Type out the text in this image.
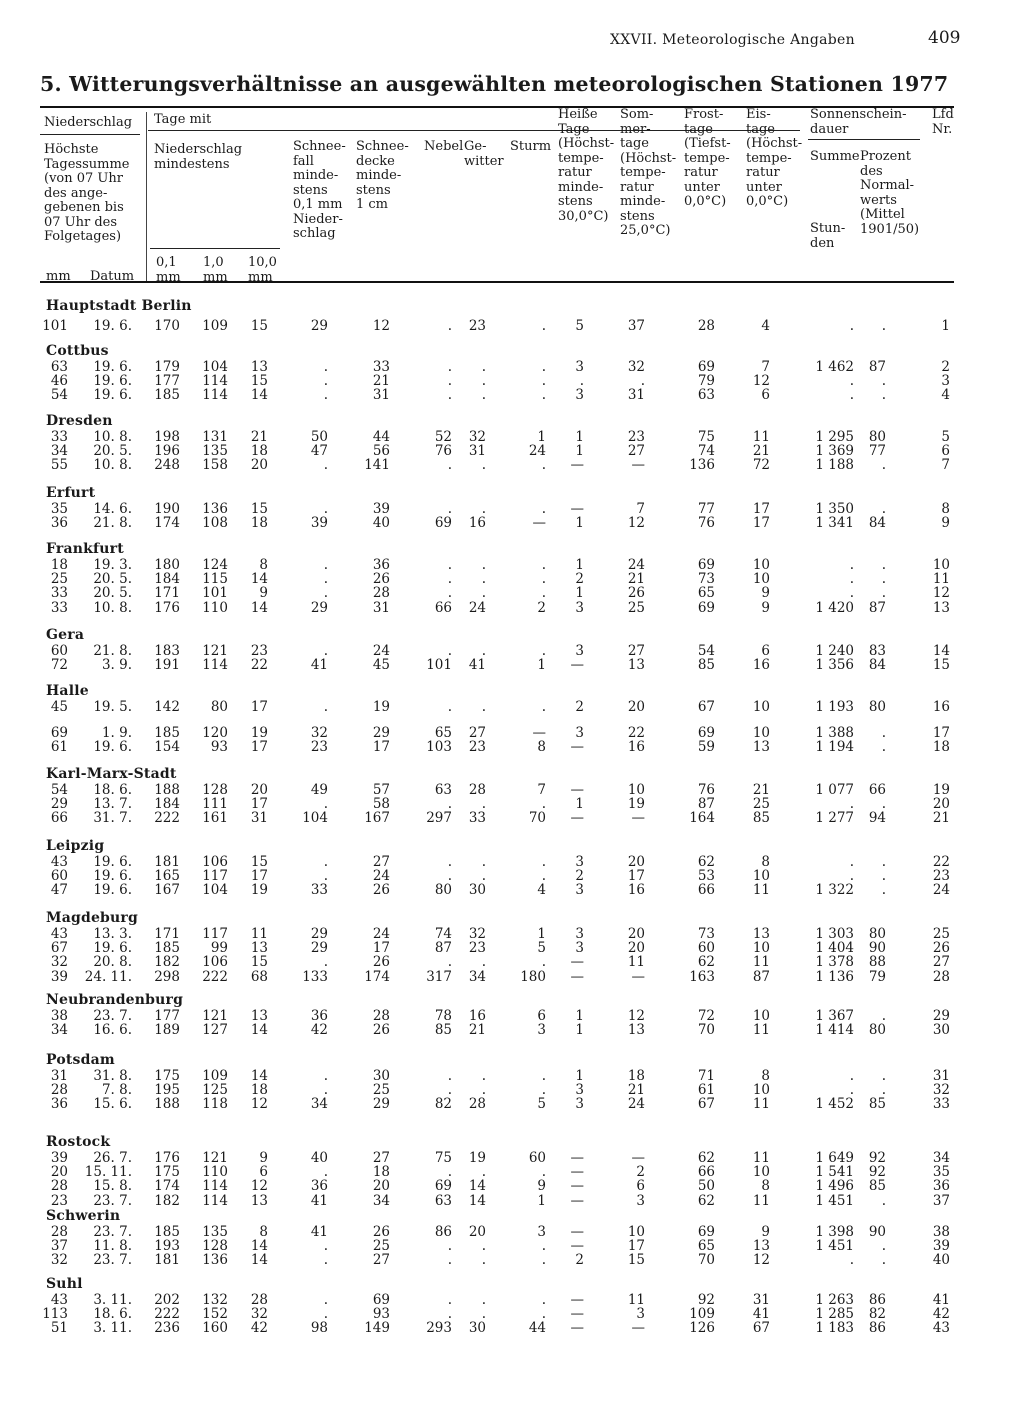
XXVII. Meteorologische Angaben	409
5. Witterungsverhältnisse an ausgewählten meteorologischen Stationen 1977
Niederschlag Tage mit
Höchste
Tagessumme
(von 07 Uhr
des ange-
gebenen bis
07 Uhr des
Folgetages)
mm Datum
Niederschlag
mindestens
0,1
mm
1,0
mm
10,0
mm
Schnee-
fall
minde-
stens
0,1 mm
Nieder-
schlag
Schnee-
decke
minde-
stens
1 cm
Nebel Ge-
witter
Sturm
Heiße
Tage
(Höchst-
tempe-
ratur
minde-
stens
30,0°C)
Som-
mer-
tage
(Höchst-
tempe-
ratur
minde-
stens
25,0°C)
Frost-
tage
(Tiefst-
tempe-
ratur
unter
0,0°C)
Eis-
tage
(Höchst-
tempe-
ratur
unter
0,0°C)
Sonnenschein-
dauer
Summe
Stun-
den
Prozent
des
Normal-
werts
(Mittel
1901/50)
Lfd
Nr.
Hauptstadt Berlin
101	19. 6.	170	109	15	29	12	.	23	.	5	37	28	4	.	.	1
Cottbus
63	19. 6.	179	104	13	.	33	.	.	.	3	32	69	7	1 462	87	2
46	19. 6.	177	114	15	.	21	.	.	.	.	.	79	12	.	.	3
54	19. 6.	185	114	14	.	31	.	.	.	3	31	63	6	.	.	4
Dresden
33	10. 8.	198	131	21	50	44	52	32	1	1	23	75	11	1 295	80	5
34	20. 5.	196	135	18	47	56	76	31	24	1	27	74	21	1 369	77	6
55	10. 8.	248	158	20	.	141	.	.	.	—	—	136	72	1 188	.	7
Erfurt
35	14. 6.	190	136	15	.	39	.	.	.	—	7	77	17	1 350	.	8
36	21. 8.	174	108	18	39	40	69	16	—	1	12	76	17	1 341	84	9
Frankfurt
18	19. 3.	180	124	8	.	36	.	.	.	1	24	69	10	.	.	10
25	20. 5.	184	115	14	.	26	.	.	.	2	21	73	10	.	.	11
33	20. 5.	171	101	9	.	28	.	.	.	1	26	65	9	.	.	12
33	10. 8.	176	110	14	29	31	66	24	2	3	25	69	9	1 420	87	13
Gera
60	21. 8.	183	121	23	.	24	.	.	.	3	27	54	6	1 240	83	14
72	3. 9.	191	114	22	41	45	101	41	1	—	13	85	16	1 356	84	15
Halle
45	19. 5.	142	80	17	.	19	.	.	.	2	20	67	10	1 193	80	16
69	1. 9.	185	120	19	32	29	65	27	—	3	22	69	10	1 388	.	17
61	19. 6.	154	93	17	23	17	103	23	8	—	16	59	13	1 194	.	18
Karl-Marx-Stadt
54	18. 6.	188	128	20	49	57	63	28	7	—	10	76	21	1 077	66	19
29	13. 7.	184	111	17	.	58	.	.	.	1	19	87	25	.	.	20
66	31. 7.	222	161	31	104	167	297	33	70	—	—	164	85	1 277	94	21
Leipzig
43	19. 6.	181	106	15	.	27	.	.	.	3	20	62	8	.	.	22
60	19. 6.	165	117	17	.	24	.	.	.	2	17	53	10	.	.	23
47	19. 6.	167	104	19	33	26	80	30	4	3	16	66	11	1 322	.	24
Magdeburg
43	13. 3.	171	117	11	29	24	74	32	1	3	20	73	13	1 303	80	25
67	19. 6.	185	99	13	29	17	87	23	5	3	20	60	10	1 404	90	26
32	20. 8.	182	106	15	.	26	.	.	.	—	11	62	11	1 378	88	27
39	24. 11.	298	222	68	133	174	317	34	180	—	—	163	87	1 136	79	28
Neubrandenburg
38	23. 7.	177	121	13	36	28	78	16	6	1	12	72	10	1 367	.	29
34	16. 6.	189	127	14	42	26	85	21	3	1	13	70	11	1 414	80	30
Potsdam
31	31. 8.	175	109	14	.	30	.	.	.	1	18	71	8	.	.	31
28	7. 8.	195	125	18	.	25	.	.	.	3	21	61	10	.	.	32
36	15. 6.	188	118	12	34	29	82	28	5	3	24	67	11	1 452	85	33
Rostock
39	26. 7.	176	121	9	40	27	75	19	60	—	—	62	11	1 649	92	34
20	15. 11.	175	110	6	.	18	.	.	.	—	2	66	10	1 541	92	35
28	15. 8.	174	114	12	36	20	69	14	9	—	6	50	8	1 496	85	36
23	23. 7.	182	114	13	41	34	63	14	1	—	3	62	11	1 451	.	37
Schwerin
28	23. 7.	185	135	8	41	26	86	20	3	—	10	69	9	1 398	90	38
37	11. 8.	193	128	14	.	25	.	.	.	—	17	65	13	1 451	.	39
32	23. 7.	181	136	14	.	27	.	.	.	2	15	70	12	.	.	40
Suhl
43	3. 11.	202	132	28	.	69	.	.	.	—	11	92	31	1 263	86	41
113	18. 6.	222	152	32	.	93	.	.	.	—	3	109	41	1 285	82	42
51	3. 11.	236	160	42	98	149	293	30	44	—	—	126	67	1 183	86	43
